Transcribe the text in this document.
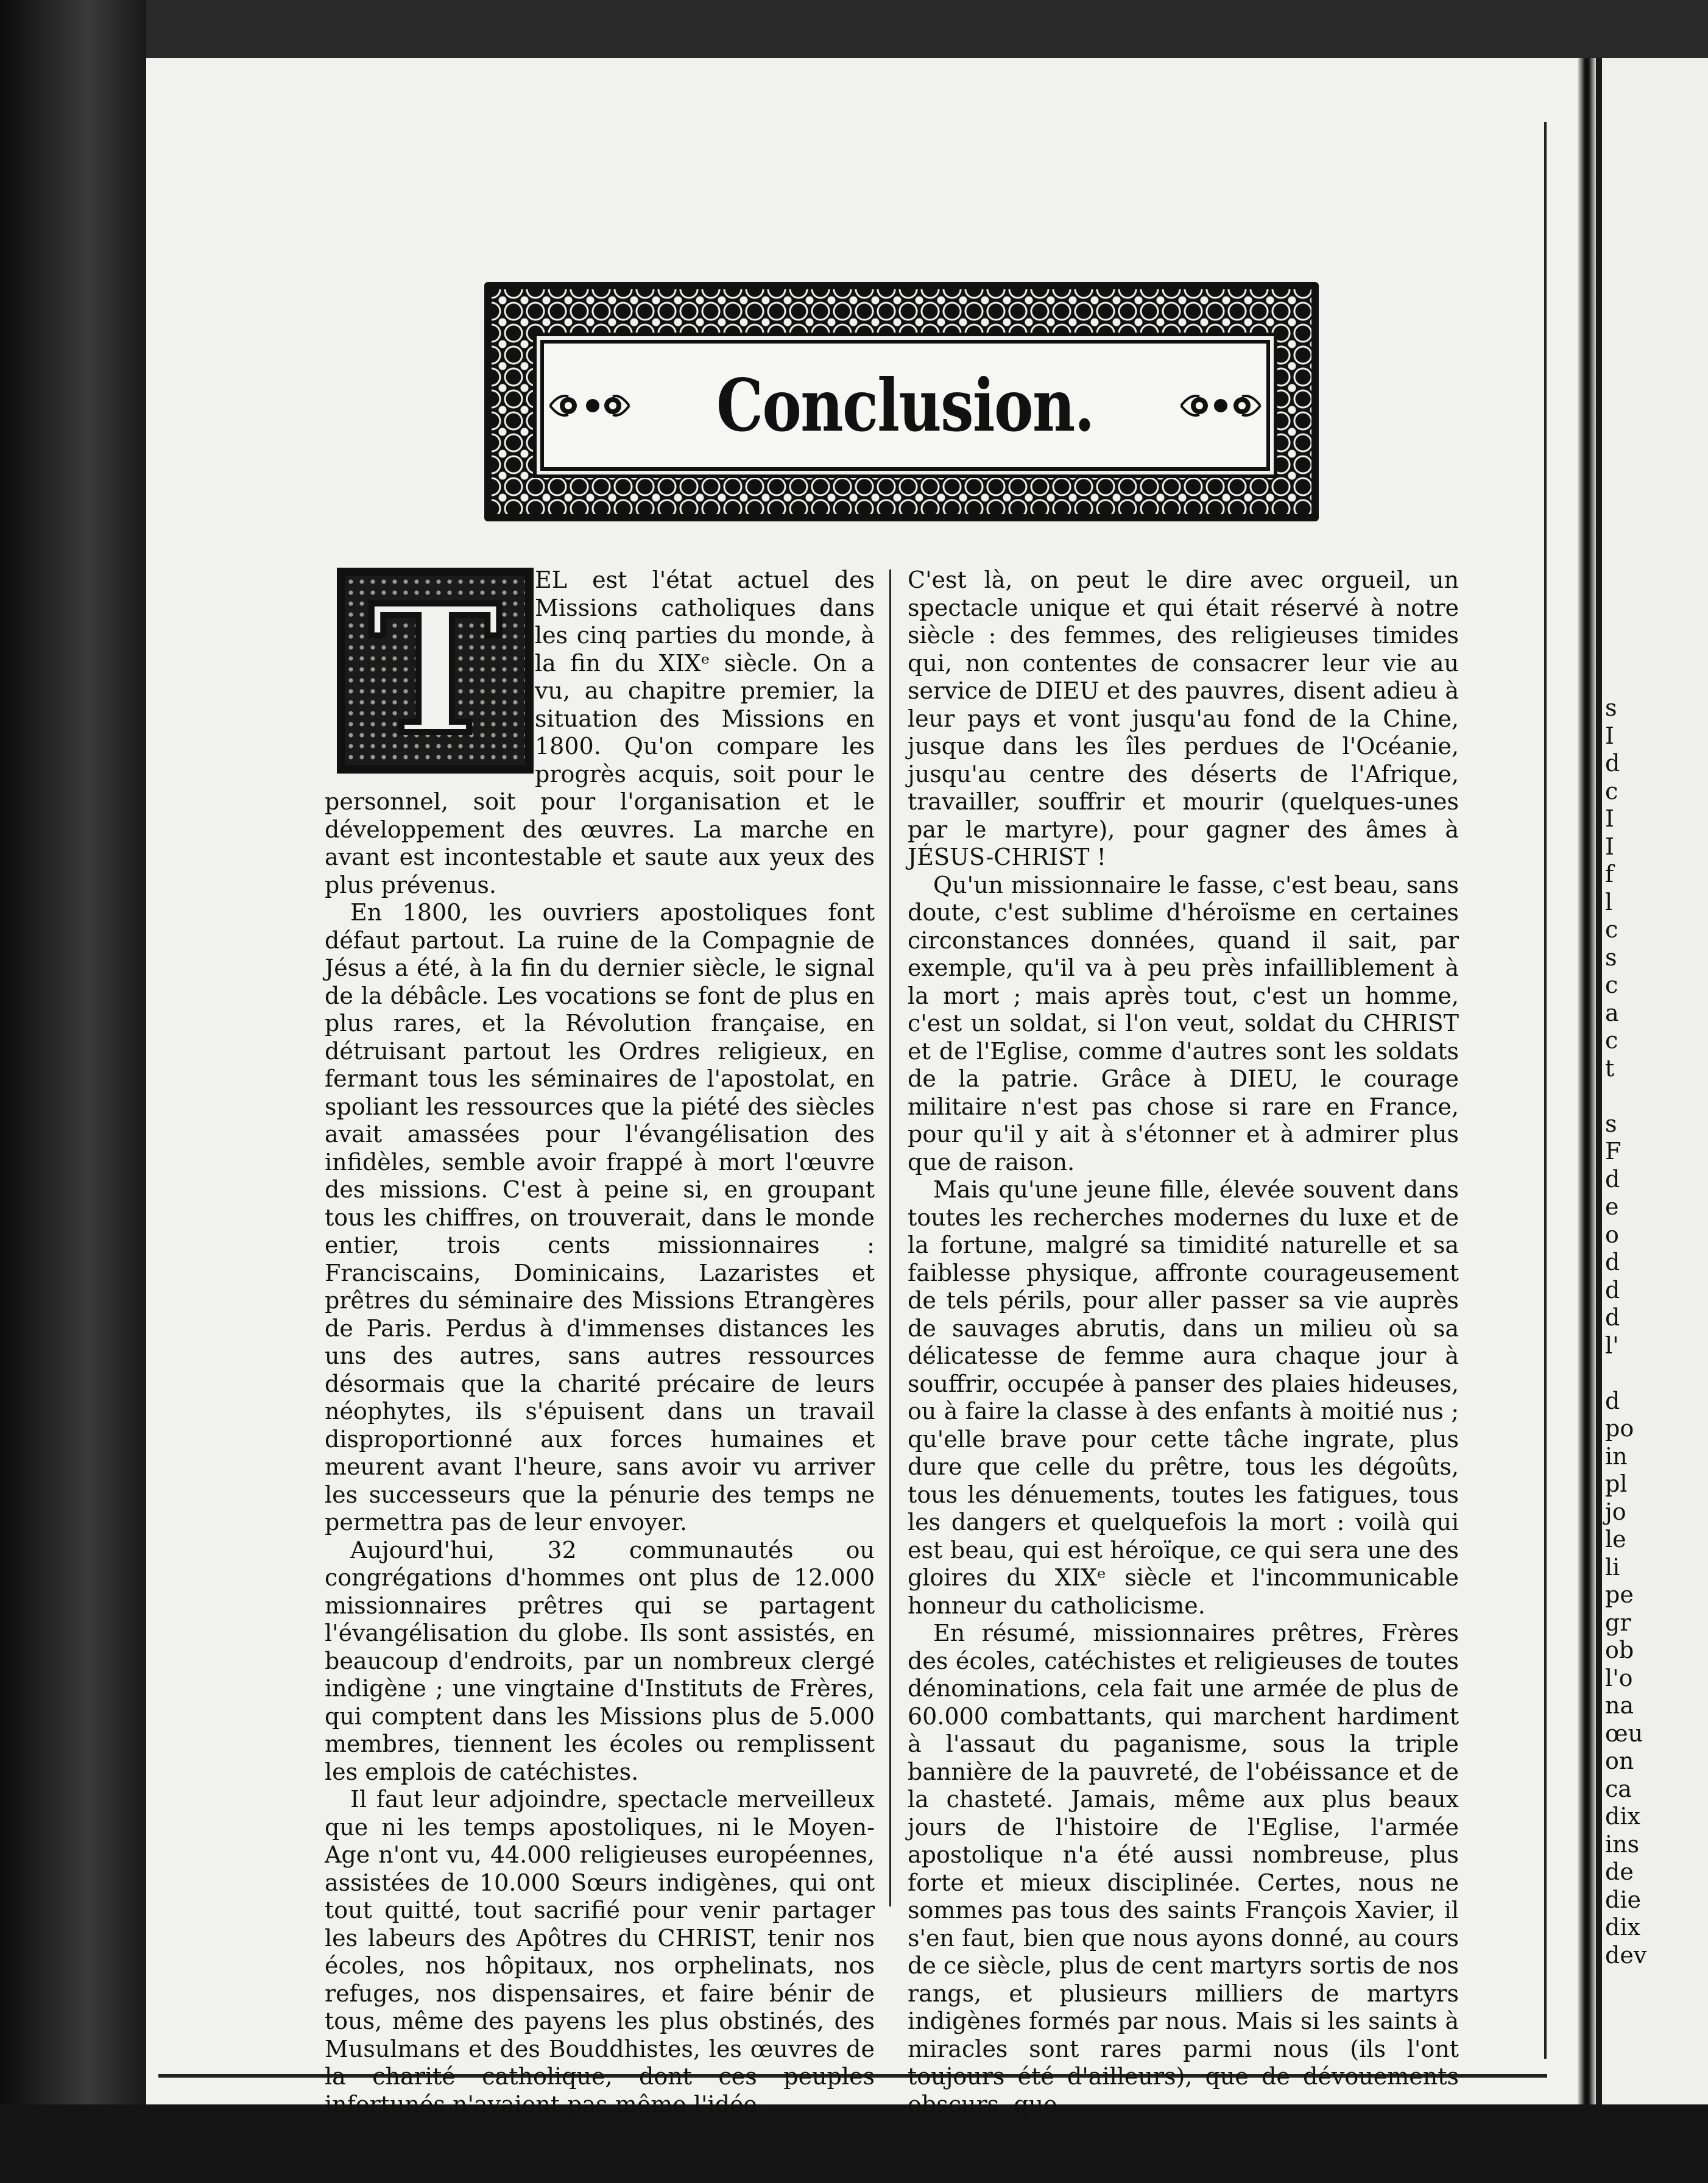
Conclusion.

EL est l'état actuel des Missions catholiques dans les cinq parties du monde, à la fin du XIXᵉ siècle. On a vu, au chapitre premier, la situation des Missions en 1800. Qu'on compare les progrès acquis, soit pour le personnel, soit pour l'organisation et le développement des œuvres. La marche en avant est incontestable et saute aux yeux des plus prévenus.

En 1800, les ouvriers apostoliques font défaut partout. La ruine de la Compagnie de Jésus a été, à la fin du dernier siècle, le signal de la débâcle. Les vocations se font de plus en plus rares, et la Révolution française, en détruisant partout les Ordres religieux, en fermant tous les séminaires de l'apostolat, en spoliant les ressources que la piété des siècles avait amassées pour l'évangélisation des infidèles, semble avoir frappé à mort l'œuvre des missions. C'est à peine si, en groupant tous les chiffres, on trouverait, dans le monde entier, trois cents missionnaires : Franciscains, Dominicains, Lazaristes et prêtres du séminaire des Missions Etrangères de Paris. Perdus à d'immenses distances les uns des autres, sans autres ressources désormais que la charité précaire de leurs néophytes, ils s'épuisent dans un travail disproportionné aux forces humaines et meurent avant l'heure, sans avoir vu arriver les successeurs que la pénurie des temps ne permettra pas de leur envoyer.

Aujourd'hui, 32 communautés ou congrégations d'hommes ont plus de 12.000 missionnaires prêtres qui se partagent l'évangélisation du globe. Ils sont assistés, en beaucoup d'endroits, par un nombreux clergé indigène ; une vingtaine d'Instituts de Frères, qui comptent dans les Missions plus de 5.000 membres, tiennent les écoles ou remplissent les emplois de catéchistes.

Il faut leur adjoindre, spectacle merveilleux que ni les temps apostoliques, ni le Moyen-Age n'ont vu, 44.000 religieuses européennes, assistées de 10.000 Sœurs indigènes, qui ont tout quitté, tout sacrifié pour venir partager les labeurs des Apôtres du CHRIST, tenir nos écoles, nos hôpitaux, nos orphelinats, nos refuges, nos dispensaires, et faire bénir de tous, même des payens les plus obstinés, des Musulmans et des Bouddhistes, les œuvres de la charité catholique, dont ces peuples infortunés n'avaient pas même l'idée.

T	C'est là, on peut le dire avec orgueil, un spectacle unique et qui était réservé à notre siècle : des femmes, des religieuses timides qui, non contentes de consacrer leur vie au service de DIEU et des pauvres, disent adieu à leur pays et vont jusqu'au fond de la Chine, jusque dans les îles perdues de l'Océanie, jusqu'au centre des déserts de l'Afrique, travailler, souffrir et mourir (quelques-unes par le martyre), pour gagner des âmes à JÉSUS-CHRIST !

Qu'un missionnaire le fasse, c'est beau, sans doute, c'est sublime d'héroïsme en certaines circonstances données, quand il sait, par exemple, qu'il va à peu près infailliblement à la mort ; mais après tout, c'est un homme, c'est un soldat, si l'on veut, soldat du CHRIST et de l'Eglise, comme d'autres sont les soldats de la patrie. Grâce à DIEU, le courage militaire n'est pas chose si rare en France, pour qu'il y ait à s'étonner et à admirer plus que de raison.

Mais qu'une jeune fille, élevée souvent dans toutes les recherches modernes du luxe et de la fortune, malgré sa timidité naturelle et sa faiblesse physique, affronte courageusement de tels périls, pour aller passer sa vie auprès de sauvages abrutis, dans un milieu où sa délicatesse de femme aura chaque jour à souffrir, occupée à panser des plaies hideuses, ou à faire la classe à des enfants à moitié nus ; qu'elle brave pour cette tâche ingrate, plus dure que celle du prêtre, tous les dégoûts, tous les dénuements, toutes les fatigues, tous les dangers et quelquefois la mort : voilà qui est beau, qui est héroïque, ce qui sera une des gloires du XIXᵉ siècle et l'incommunicable honneur du catholicisme.

En résumé, missionnaires prêtres, Frères des écoles, catéchistes et religieuses de toutes dénominations, cela fait une armée de plus de 60.000 combattants, qui marchent hardiment à l'assaut du paganisme, sous la triple bannière de la pauvreté, de l'obéissance et de la chasteté. Jamais, même aux plus beaux jours de l'histoire de l'Eglise, l'armée apostolique n'a été aussi nombreuse, plus forte et mieux disciplinée. Certes, nous ne sommes pas tous des saints François Xavier, il s'en faut, bien que nous ayons donné, au cours de ce siècle, plus de cent martyrs sortis de nos rangs, et plusieurs milliers de martyrs indigènes formés par nous. Mais si les saints à miracles sont rares parmi nous (ils l'ont toujours été d'ailleurs), que de dévouements obscurs, que

s
I
d
c
I
I
f
l
c
s
c
a
c
t

s
F
d
e
o
d
d
d
l'

d
po
in
pl
jo
le
li
pe
gr
ob
l'o
na
œu
on
ca
dix
ins
de
die
dix
dev
